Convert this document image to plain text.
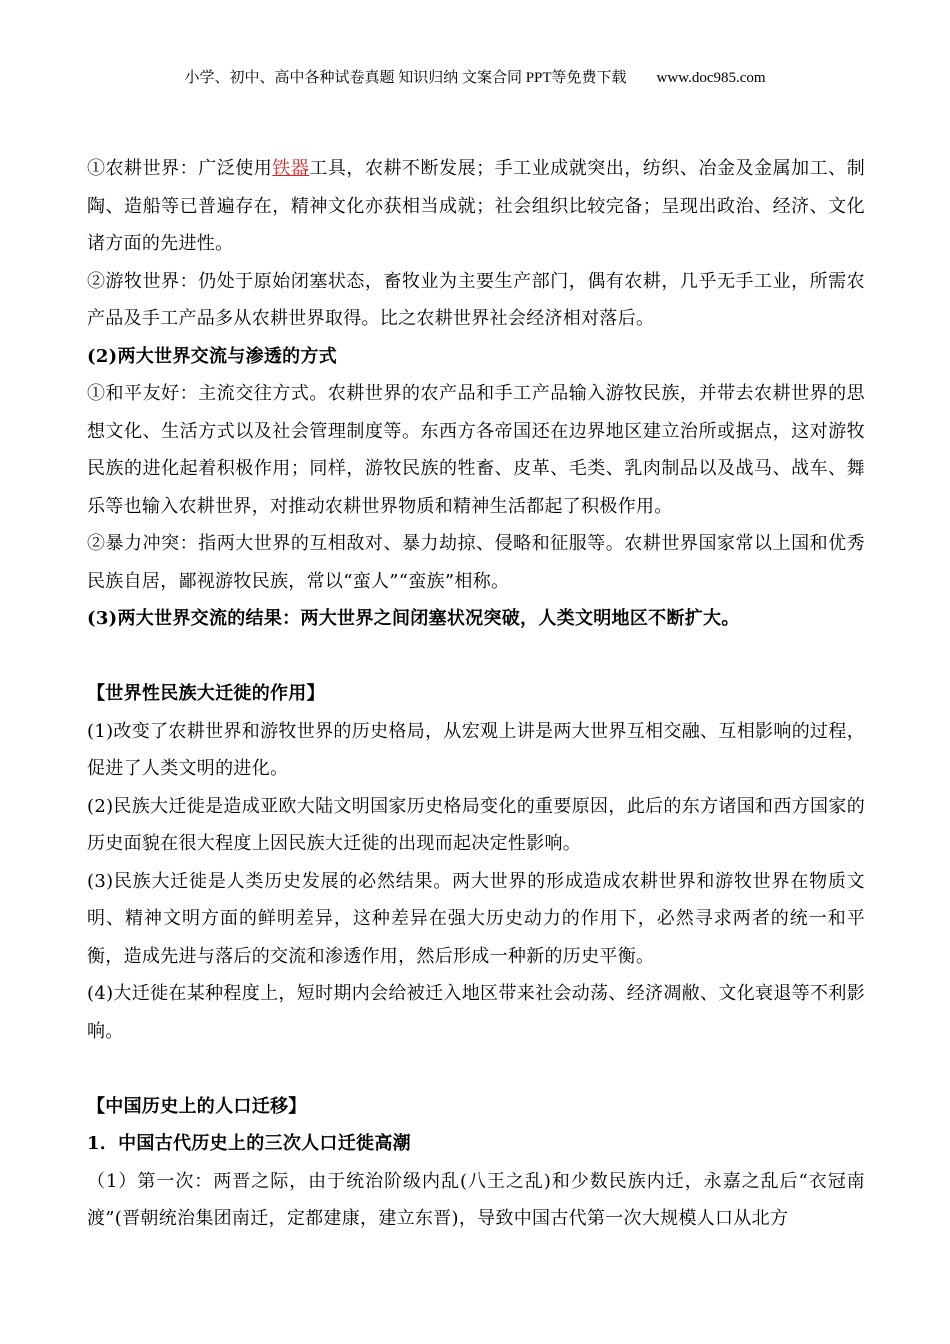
小学、初中、高中各种试卷真题 知识归纳 文案合同 PPT等免费下载 www.doc985.com

①农耕世界：广泛使用铁器工具，农耕不断发展；手工业成就突出，纺织、冶金及金属加工、制陶、造船等已普遍存在，精神文化亦获相当成就；社会组织比较完备；呈现出政治、经济、文化诸方面的先进性。

②游牧世界：仍处于原始闭塞状态，畜牧业为主要生产部门，偶有农耕，几乎无手工业，所需农产品及手工产品多从农耕世界取得。比之农耕世界社会经济相对落后。

(2)两大世界交流与渗透的方式

①和平友好：主流交往方式。农耕世界的农产品和手工产品输入游牧民族，并带去农耕世界的思想文化、生活方式以及社会管理制度等。东西方各帝国还在边界地区建立治所或据点，这对游牧民族的进化起着积极作用；同样，游牧民族的牲畜、皮革、毛类、乳肉制品以及战马、战车、舞乐等也输入农耕世界，对推动农耕世界物质和精神生活都起了积极作用。

②暴力冲突：指两大世界的互相敌对、暴力劫掠、侵略和征服等。农耕世界国家常以上国和优秀民族自居，鄙视游牧民族，常以“蛮人”“蛮族”相称。

(3)两大世界交流的结果：两大世界之间闭塞状况突破，人类文明地区不断扩大。

【世界性民族大迁徙的作用】

(1)改变了农耕世界和游牧世界的历史格局，从宏观上讲是两大世界互相交融、互相影响的过程，促进了人类文明的进化。

(2)民族大迁徙是造成亚欧大陆文明国家历史格局变化的重要原因，此后的东方诸国和西方国家的历史面貌在很大程度上因民族大迁徙的出现而起决定性影响。

(3)民族大迁徙是人类历史发展的必然结果。两大世界的形成造成农耕世界和游牧世界在物质文明、精神文明方面的鲜明差异，这种差异在强大历史动力的作用下，必然寻求两者的统一和平衡，造成先进与落后的交流和渗透作用，然后形成一种新的历史平衡。

(4)大迁徙在某种程度上，短时期内会给被迁入地区带来社会动荡、经济凋敝、文化衰退等不利影响。

【中国历史上的人口迁移】

1．中国古代历史上的三次人口迁徙高潮

（1）第一次：两晋之际，由于统治阶级内乱(八王之乱)和少数民族内迁，永嘉之乱后“衣冠南渡”(晋朝统治集团南迁，定都建康，建立东晋)，导致中国古代第一次大规模人口从北方
